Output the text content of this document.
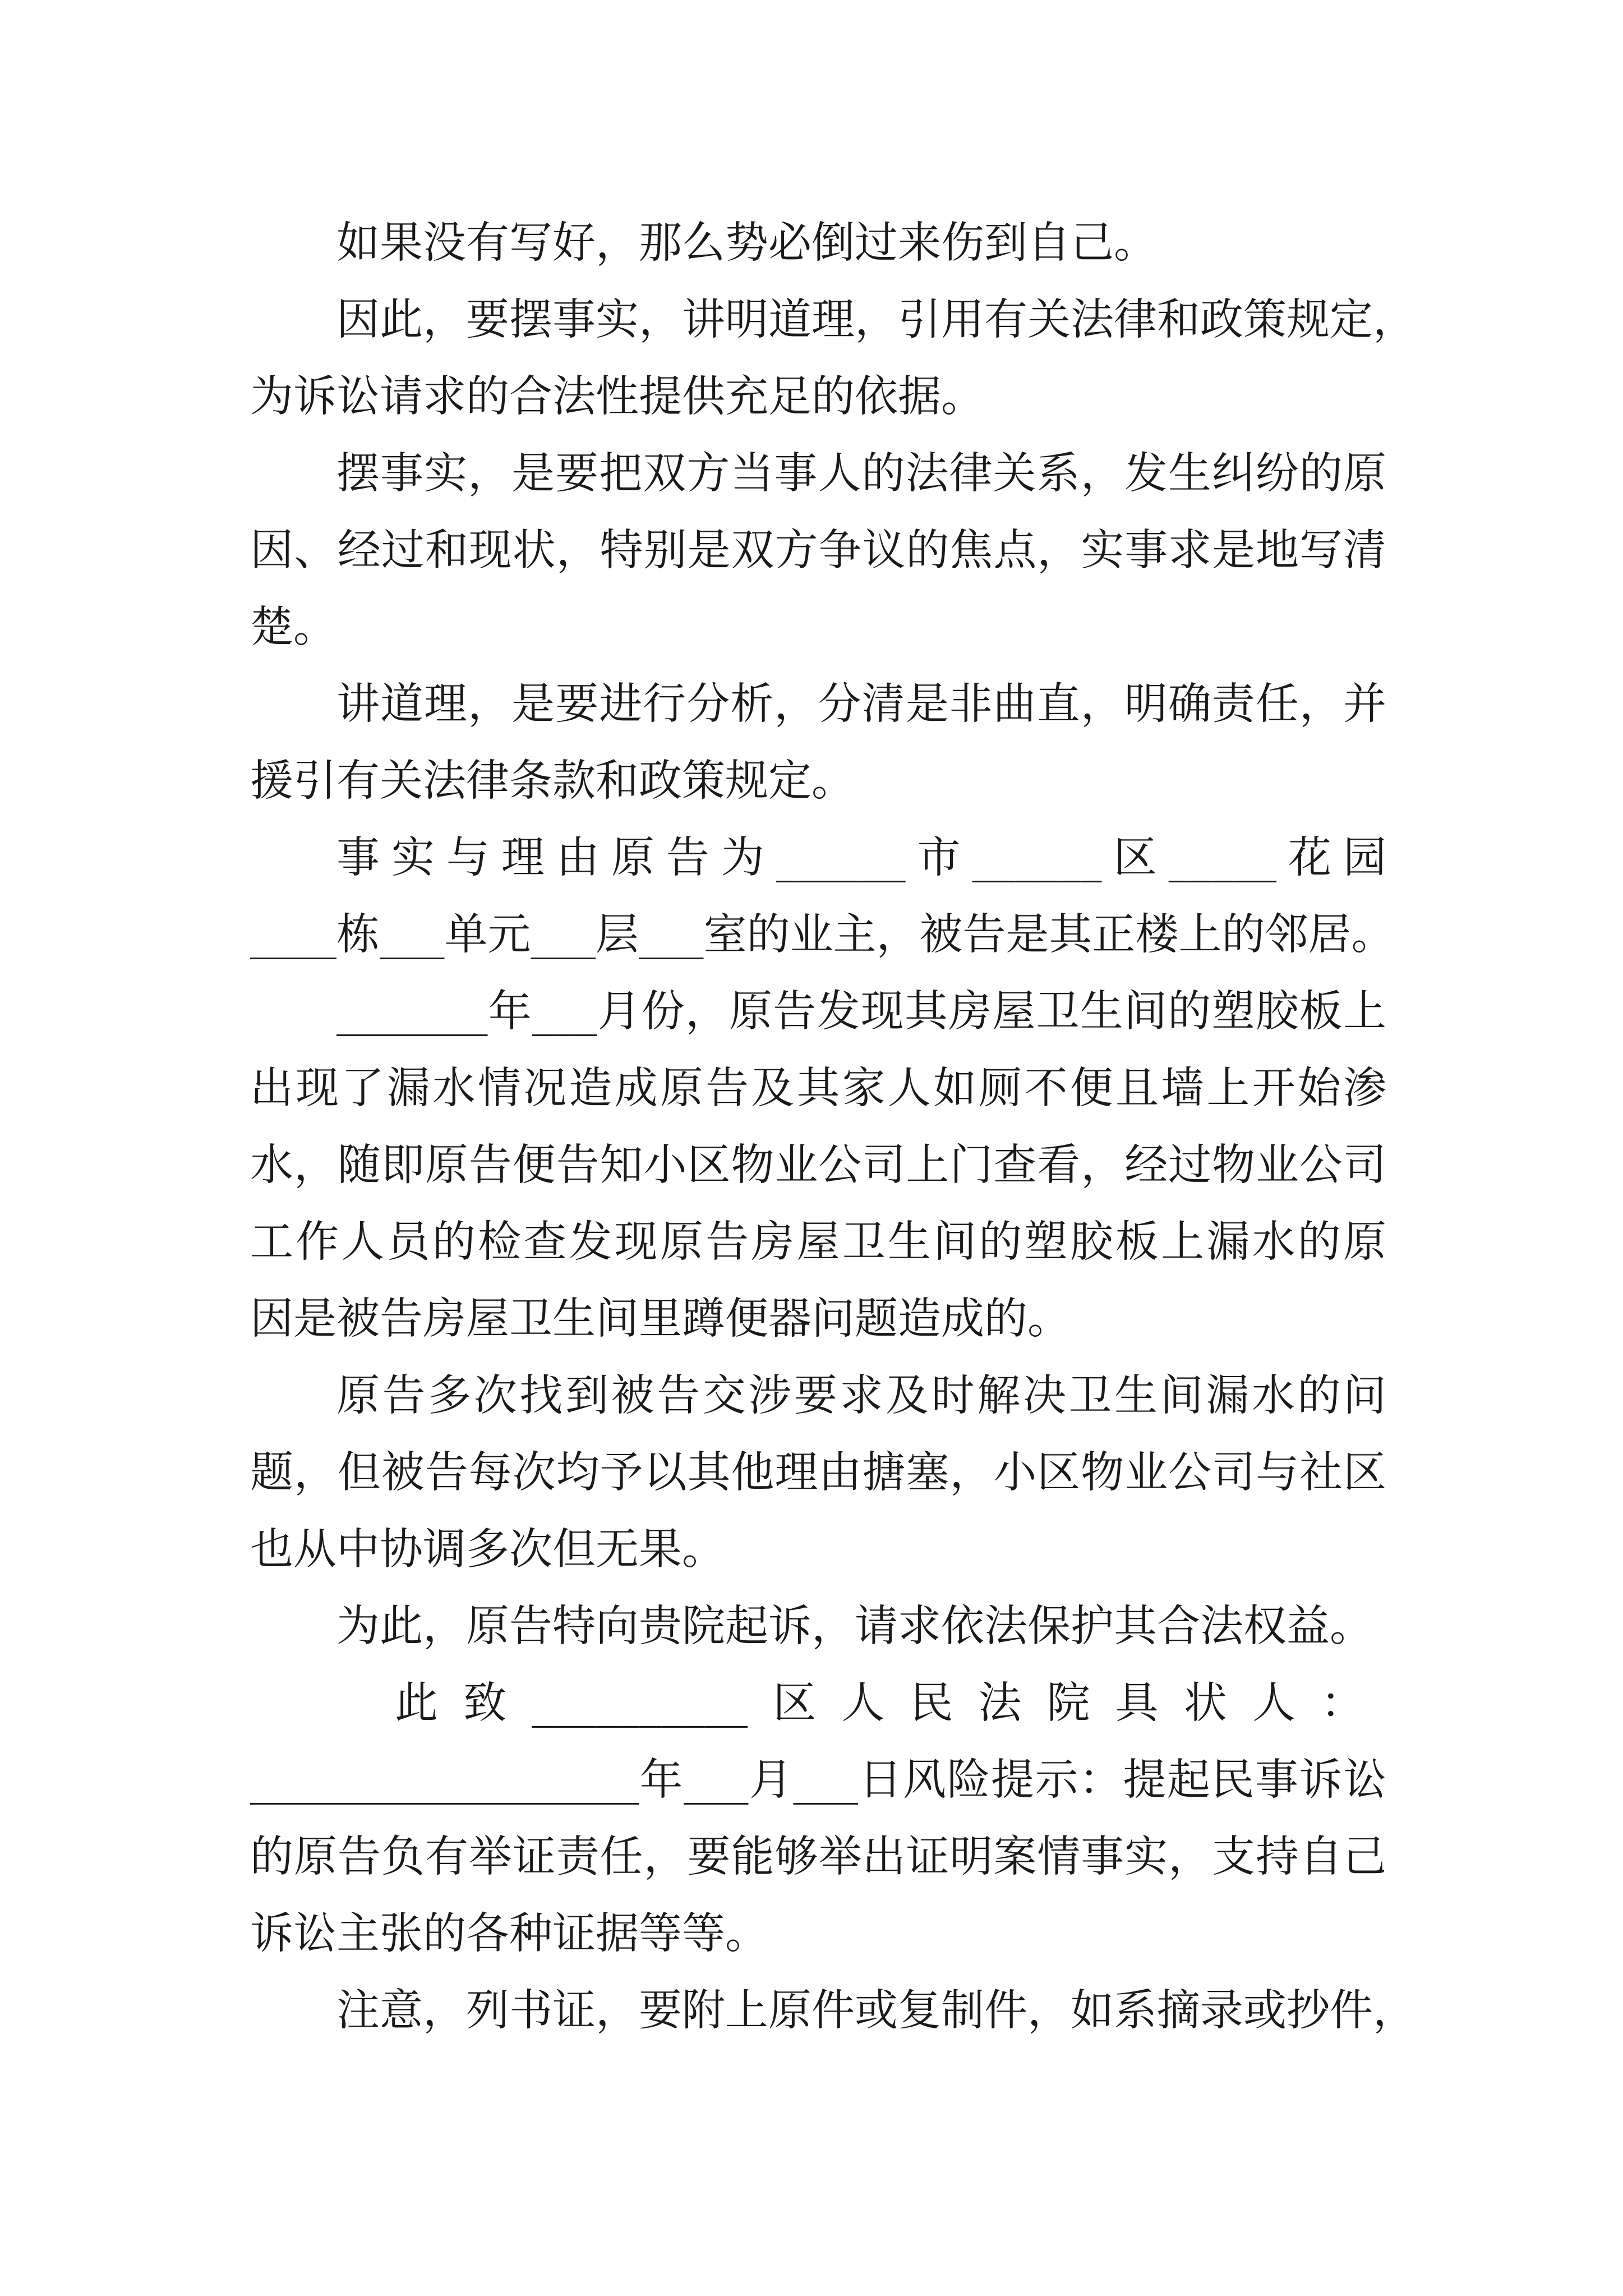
如果没有写好，那么势必倒过来伤到自己。
因此，要摆事实，讲明道理，引用有关法律和政策规定，
为诉讼请求的合法性提供充足的依据。
摆事实，是要把双方当事人的法律关系，发生纠纷的原
因、经过和现状，特别是双方争议的焦点，实事求是地写清
楚。
讲道理，是要进行分析，分清是非曲直，明确责任，并
援引有关法律条款和政策规定。
事实与理由原告为______市______区_____花园
____栋___单元___层___室的业主，被告是其正楼上的邻居。
_______年___月份，原告发现其房屋卫生间的塑胶板上
出现了漏水情况造成原告及其家人如厕不便且墙上开始渗
水，随即原告便告知小区物业公司上门查看，经过物业公司
工作人员的检查发现原告房屋卫生间的塑胶板上漏水的原
因是被告房屋卫生间里蹲便器问题造成的。
原告多次找到被告交涉要求及时解决卫生间漏水的问
题，但被告每次均予以其他理由搪塞，小区物业公司与社区
也从中协调多次但无果。
为此，原告特向贵院起诉，请求依法保护其合法权益。
此致__________区人民法院具状人：
__________________年___月___日风险提示：提起民事诉讼
的原告负有举证责任，要能够举出证明案情事实，支持自己
诉讼主张的各种证据等等。
注意，列书证，要附上原件或复制件，如系摘录或抄件，
